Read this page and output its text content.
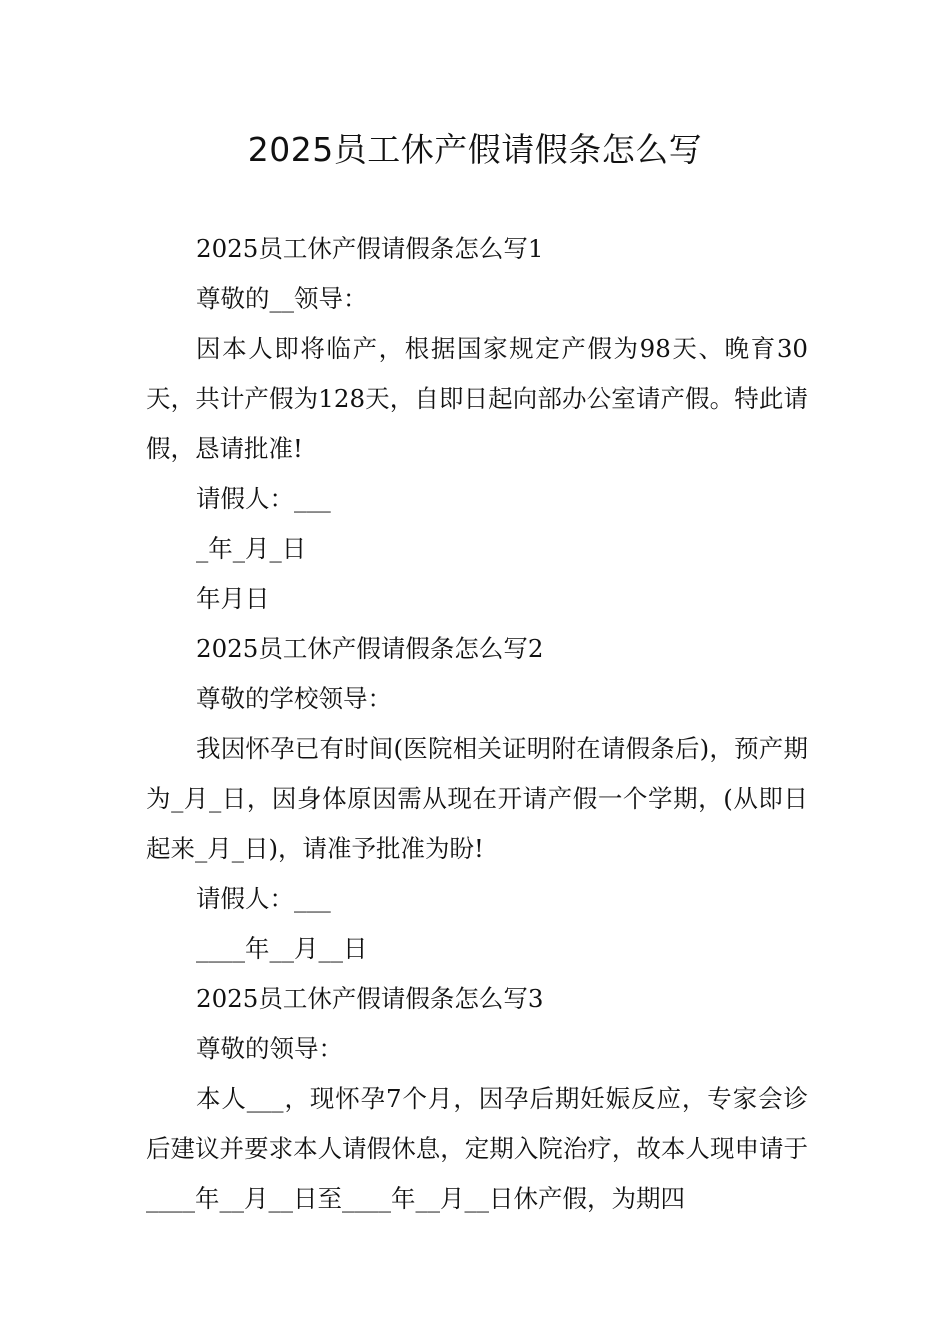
2025员工休产假请假条怎么写

2025员工休产假请假条怎么写1

尊敬的__领导：

因本人即将临产，根据国家规定产假为98天、晚育30天，共计产假为128天，自即日起向部办公室请产假。特此请假，恳请批准!

请假人：___

_年_月_日

年月日

2025员工休产假请假条怎么写2

尊敬的学校领导：

我因怀孕已有时间(医院相关证明附在请假条后)，预产期为_月_日，因身体原因需从现在开请产假一个学期，(从即日起来_月_日)，请准予批准为盼!

请假人：___

____年__月__日

2025员工休产假请假条怎么写3

尊敬的领导：

本人___，现怀孕7个月，因孕后期妊娠反应，专家会诊后建议并要求本人请假休息，定期入院治疗，故本人现申请于____年__月__日至____年__月__日休产假，为期四
